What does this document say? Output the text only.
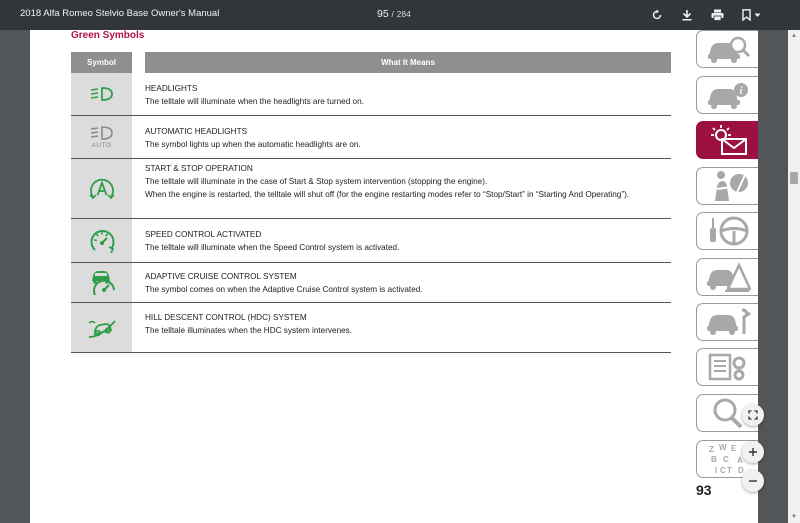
2018 Alfa Romeo Stelvio Base Owner's Manual	95 / 284
Green Symbols
Symbol	What It Means
HEADLIGHTS
The telltale will illuminate when the headlights are turned on.
AUTO
AUTOMATIC HEADLIGHTS
The symbol lights up when the automatic headlights are on.
START & STOP OPERATION
The telltale will illuminate in the case of Start & Stop system intervention (stopping the engine).
When the engine is restarted, the telltale will shut off (for the engine restarting modes refer to “Stop/Start” in “Starting And Operating”).
SPEED CONTROL ACTIVATED
The telltale will illuminate when the Speed Control system is activated.
ADAPTIVE CRUISE CONTROL SYSTEM
The symbol comes on when the Adaptive Cruise Control system is activated.
HILL DESCENT CONTROL (HDC) SYSTEM
The telltale illuminates when the HDC system intervenes.
i
Z W E
B C A
I C T D
93
▲
▼
